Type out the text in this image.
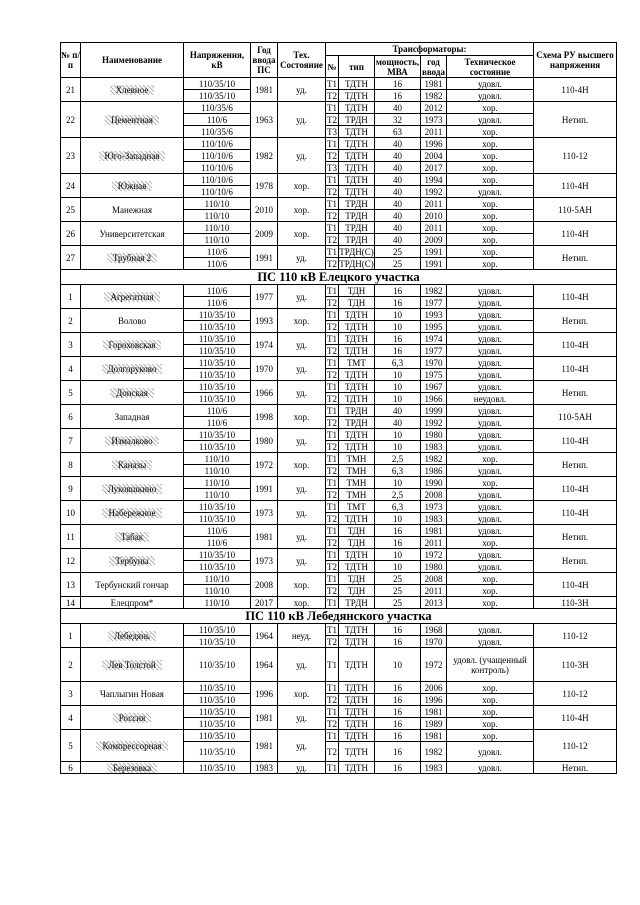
№ п/п	Наименование	Напряжения, кВ	Год ввода ПС	Тех. Состояние	Трансформаторы:					Схема РУ высшего напряжения
					№	тип	мощность, МВА	год ввода	Техническое состояние	
21	Хлевное	110/35/10	1981	уд.	Т1	ТДТН	16	1981	удовл.	110-4Н
		110/35/10			Т2	ТДТН	16	1982	удовл.	
22	Цементная	110/35/6	1963	уд.	Т1	ТДТН	40	2012	хор.	Нетип.
		110/6			Т2	ТРДН	32	1973	удовл.	
		110/35/6			Т3	ТДТН	63	2011	хор.	
23	Юго-Западная	110/10/6	1982	уд.	Т1	ТДТН	40	1996	хор.	110-12
		110/10/6			Т2	ТДТН	40	2004	хор.	
		110/10/6			Т3	ТДТН	40	2017	хор.	
24	Южная	110/10/6	1978	хор.	Т1	ТДТН	40	1994	хор.	110-4Н
		110/10/6			Т2	ТДТН	40	1992	удовл.	
25	Манежная	110/10	2010	хор.	Т1	ТРДН	40	2011	хор.	110-5АН
		110/10			Т2	ТРДН	40	2010	хор.	
26	Университетская	110/10	2009	хор.	Т1	ТРДН	40	2011	хор.	110-4Н
		110/10			Т2	ТРДН	40	2009	хор.	
27	Трубная 2	110/6	1991	уд.	Т1	ТРДН(С)	25	1991	хор.	Нетип.
		110/6			Т2	ТРДН(С)	25	1991	хор.	
ПС 110 кВ Елецкого участка										
1	Агрегатная	110/6	1977	уд.	Т1	ТДН	16	1982	удовл.	110-4Н
		110/6			Т2	ТДН	16	1977	удовл.	
2	Волово	110/35/10	1993	хор.	Т1	ТДТН	10	1993	удовл.	Нетип.
		110/35/10			Т2	ТДТН	10	1995	удовл.	
3	Гороховская	110/35/10	1974	уд.	Т1	ТДТН	16	1974	удовл.	110-4Н
		110/35/10			Т2	ТДТН	16	1977	удовл.	
4	Долгоруково	110/35/10	1970	уд.	Т1	ТМТ	6,3	1970	удовл.	110-4Н
		110/35/10			Т2	ТДТН	10	1975	удовл.	
5	Донская	110/35/10	1966	уд.	Т1	ТДТН	10	1967	удовл.	Нетип.
		110/35/10			Т2	ТДТН	10	1966	неудовл.	
6	Западная	110/6	1998	хор.	Т1	ТРДН	40	1999	удовл.	110-5АН
		110/6			Т2	ТРДН	40	1992	удовл.	
7	Измалково	110/35/10	1980	уд.	Т1	ТДТН	10	1980	удовл.	110-4Н
		110/35/10			Т2	ТДТН	10	1983	удовл.	
8	Каназы	110/10	1972	хор.	Т1	ТМН	2,5	1982	хор.	Нетип.
		110/10			Т2	ТМН	6,3	1986	удовл.	
9	Луковшкино	110/10	1991	уд.	Т1	ТМН	10	1990	хор.	110-4Н
		110/10			Т2	ТМН	2,5	2008	удовл.	
10	Набережное	110/35/10	1973	уд.	Т1	ТМТ	6,3	1973	удовл.	110-4Н
		110/35/10			Т2	ТДТН	10	1983	удовл.	
11	Табак	110/6	1981	уд.	Т1	ТДН	16	1981	удовл.	Нетип.
		110/6			Т2	ТДН	16	2011	хор.	
12	Тербуны	110/35/10	1973	уд.	Т1	ТДТН	10	1972	удовл.	Нетип.
		110/35/10			Т2	ТДТН	10	1980	удовл.	
13	Тербунский гончар	110/10	2008	хор.	Т1	ТДН	25	2008	хор.	110-4Н
		110/10			Т2	ТДН	25	2011	хор.	
14	Елецпром*	110/10	2017	хор.	Т1	ТРДН	25	2013	хор.	110-3Н
ПС 110 кВ Лебедянского участка										
1	Лебедянь	110/35/10	1964	неуд.	Т1	ТДТН	16	1968	удовл.	110-12
		110/35/10			Т2	ТДТН	16	1970	удовл.	
2	Лев Толстой	110/35/10	1964	уд.	Т1	ТДТН	10	1972	удовл. (учащенный контроль)	110-3Н
3	Чаплыгин Новая	110/35/10	1996	хор.	Т1	ТДТН	16	2006	хор.	110-12
		110/35/10			Т2	ТДТН	16	1996	хор.	
4	Россия	110/35/10	1981	уд.	Т1	ТДТН	16	1981	хор.	110-4Н
		110/35/10			Т2	ТДТН	16	1989	хор.	
5	Компрессорная	110/35/10	1981	уд.	Т1	ТДТН	16	1981	хор.	110-12
		110/35/10			Т2	ТДТН	16	1982	удовл.	
6	Березовка	110/35/10	1983	уд.	Т1	ТДТН	16	1983	удовл.	Нетип.
